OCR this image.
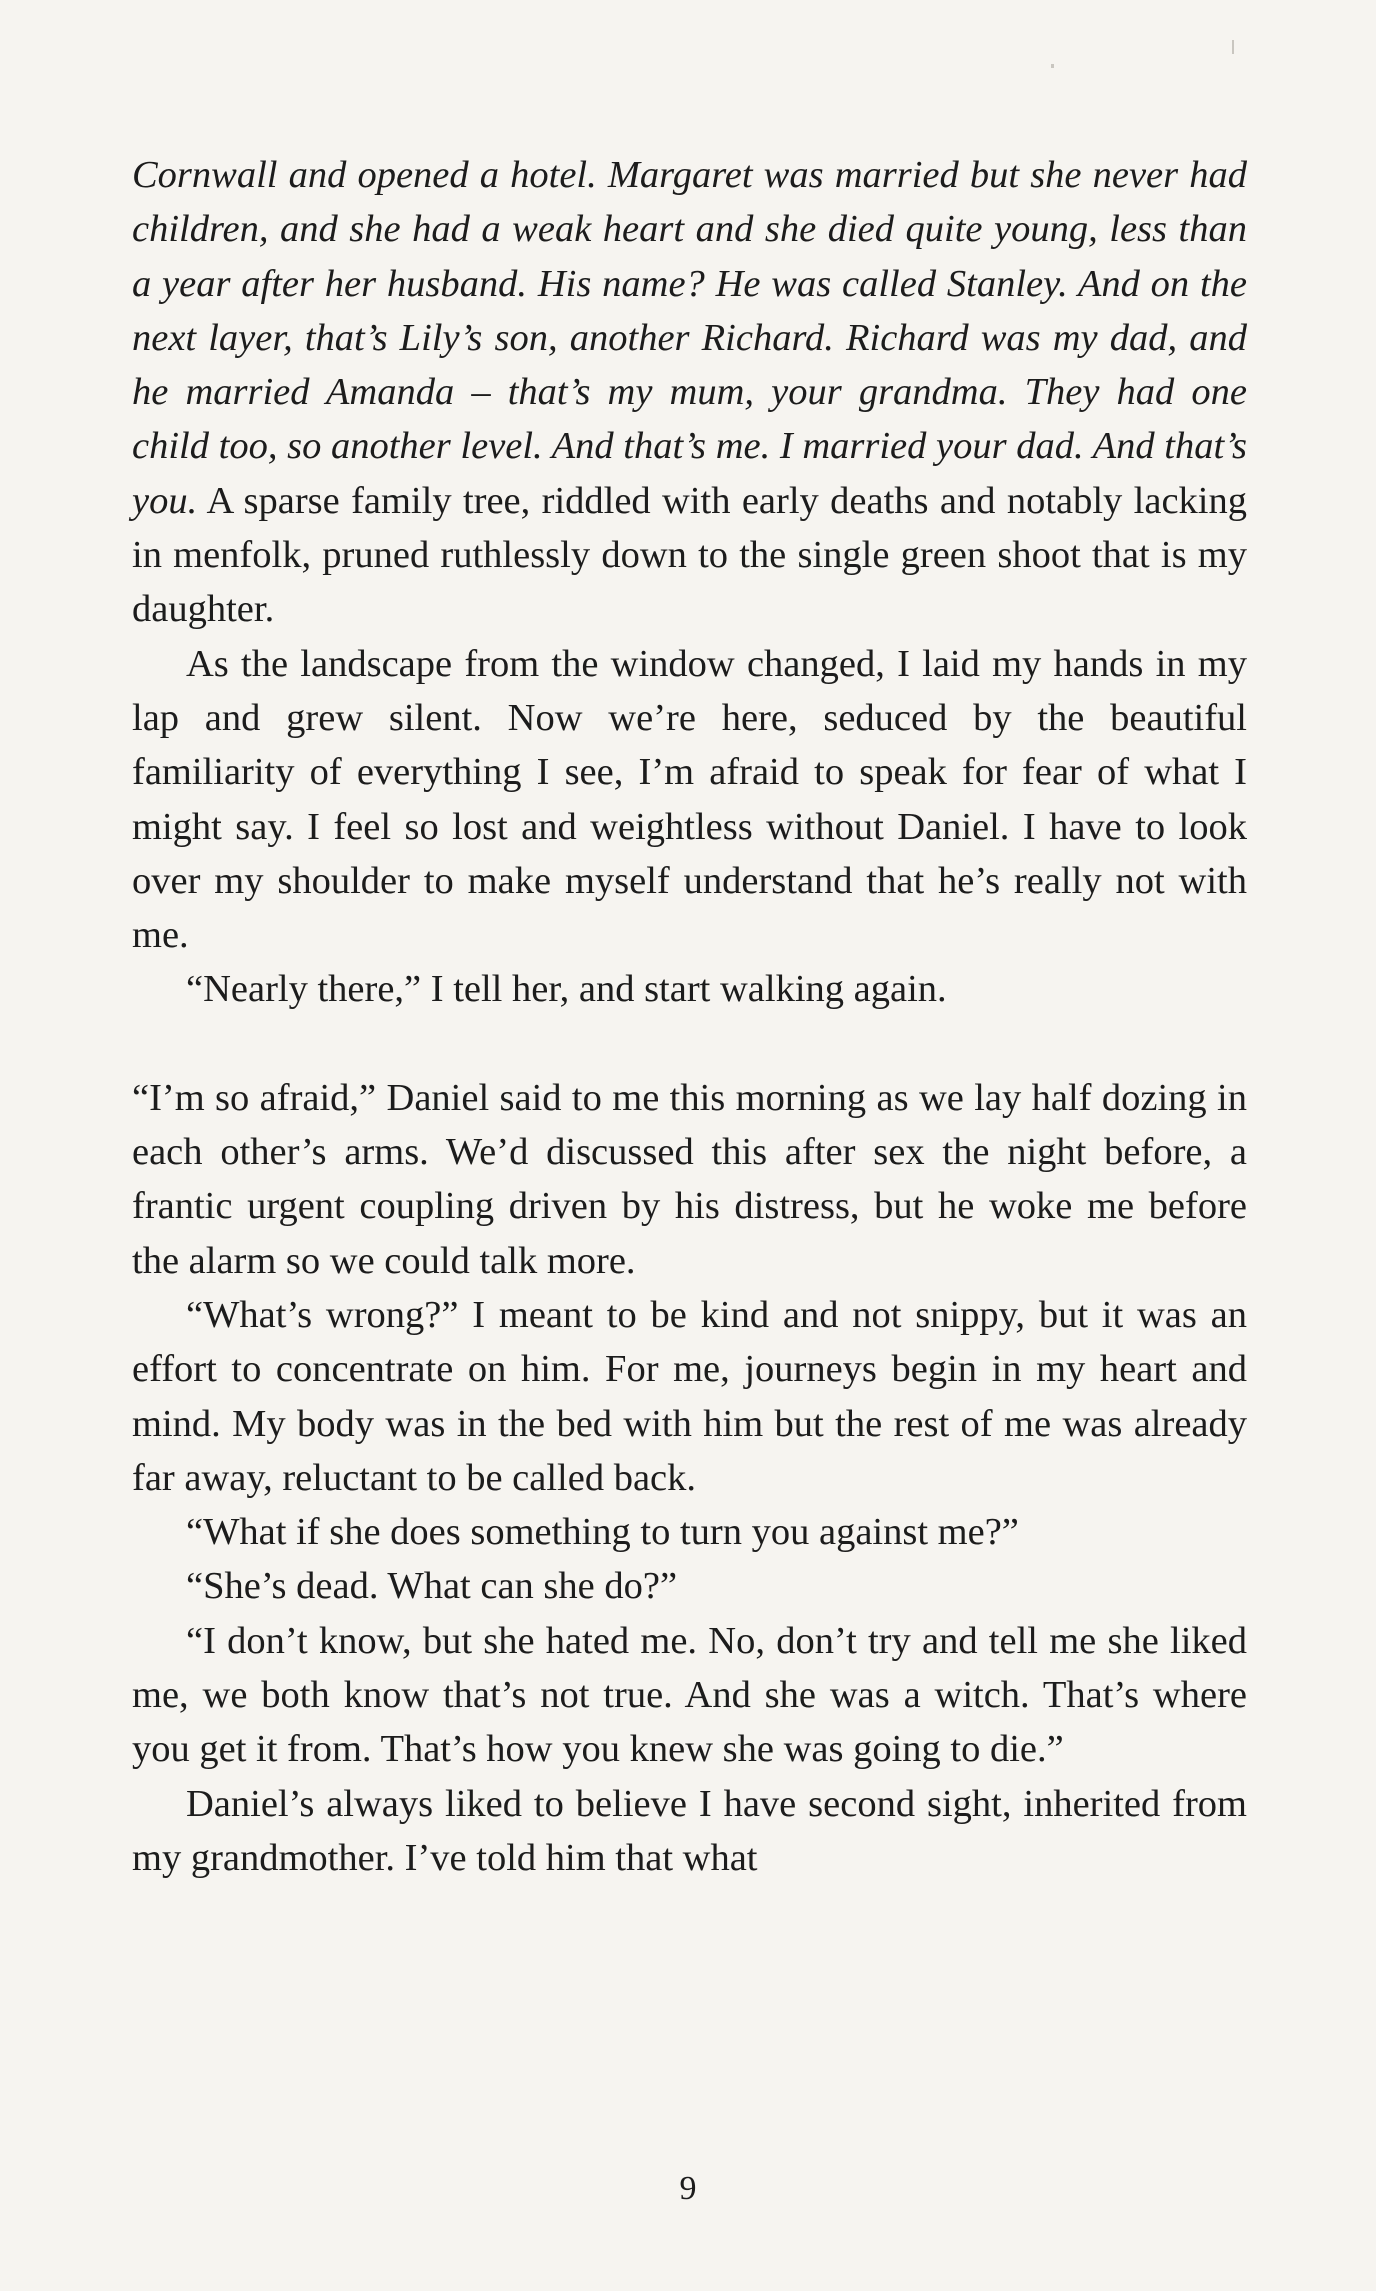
Cornwall and opened a hotel. Margaret was married but she never had children, and she had a weak heart and she died quite young, less than a year after her husband. His name? He was called Stanley. And on the next layer, that’s Lily’s son, another Richard. Richard was my dad, and he married Amanda – that’s my mum, your grandma. They had one child too, so another level. And that’s me. I married your dad. And that’s you. A sparse family tree, riddled with early deaths and notably lacking in menfolk, pruned ruthlessly down to the single green shoot that is my daughter.

As the landscape from the window changed, I laid my hands in my lap and grew silent. Now we’re here, seduced by the beautiful familiarity of everything I see, I’m afraid to speak for fear of what I might say. I feel so lost and weightless without Daniel. I have to look over my shoulder to make myself understand that he’s really not with me.

“Nearly there,” I tell her, and start walking again.

“I’m so afraid,” Daniel said to me this morning as we lay half dozing in each other’s arms. We’d discussed this after sex the night before, a frantic urgent coupling driven by his distress, but he woke me before the alarm so we could talk more.

“What’s wrong?” I meant to be kind and not snippy, but it was an effort to concentrate on him. For me, journeys begin in my heart and mind. My body was in the bed with him but the rest of me was already far away, reluctant to be called back.

“What if she does something to turn you against me?”

“She’s dead. What can she do?”

“I don’t know, but she hated me. No, don’t try and tell me she liked me, we both know that’s not true. And she was a witch. That’s where you get it from. That’s how you knew she was going to die.”

Daniel’s always liked to believe I have second sight, inherited from my grandmother. I’ve told him that what

9
